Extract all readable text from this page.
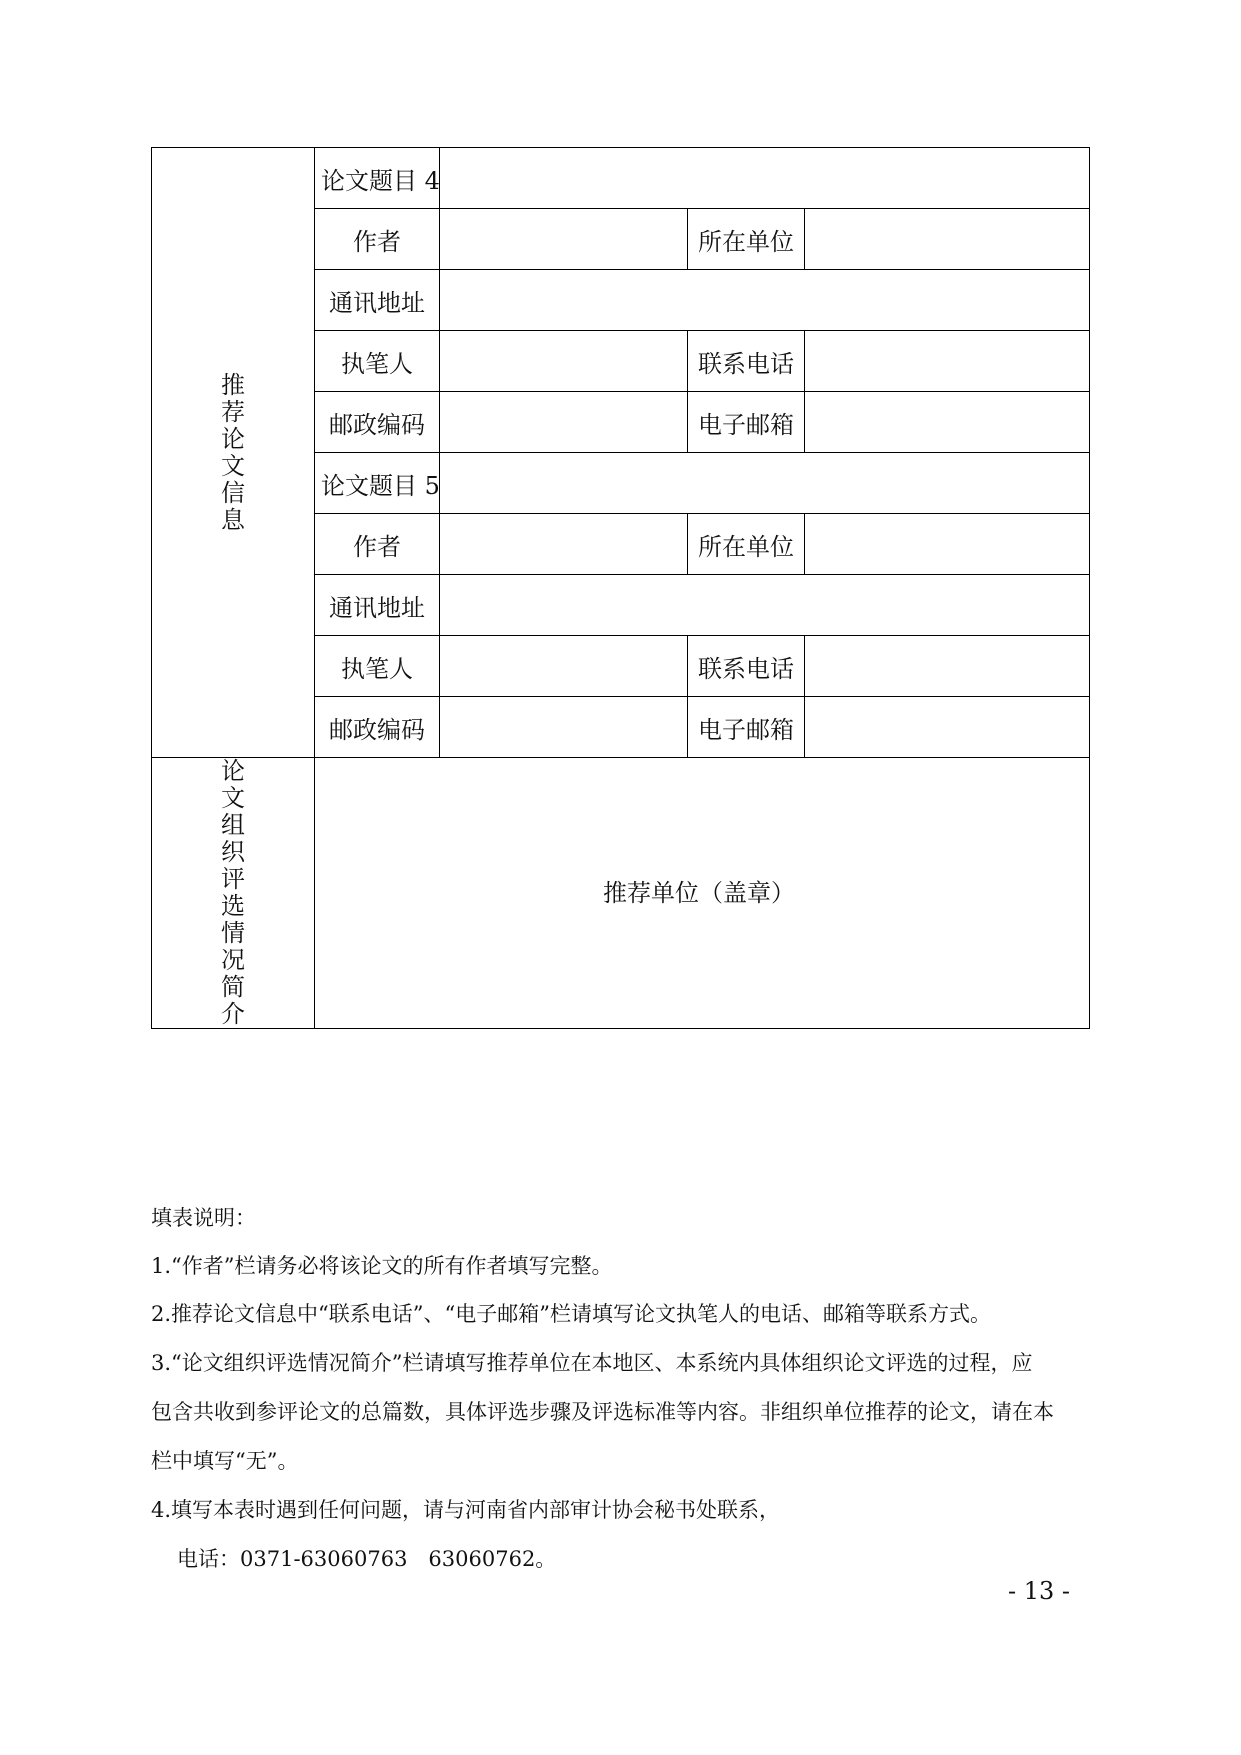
推荐论文信息	论文题目 4			
	作者		所在单位	
	通讯地址			
	执笔人		联系电话	
	邮政编码		电子邮箱	
	论文题目 5			
	作者		所在单位	
	通讯地址			
	执笔人		联系电话	
	邮政编码		电子邮箱	
论文组织评选情况简介	推荐单位（盖章）			
填表说明：
1.“作者”栏请务必将该论文的所有作者填写完整。
2.推荐论文信息中“联系电话”、“电子邮箱”栏请填写论文执笔人的电话、邮箱等联系方式。
3.“论文组织评选情况简介”栏请填写推荐单位在本地区、本系统内具体组织论文评选的过程，应
包含共收到参评论文的总篇数，具体评选步骤及评选标准等内容。非组织单位推荐的论文，请在本
栏中填写“无”。
4.填写本表时遇到任何问题，请与河南省内部审计协会秘书处联系，
电话：0371-63060763　63060762。
- 13 -
